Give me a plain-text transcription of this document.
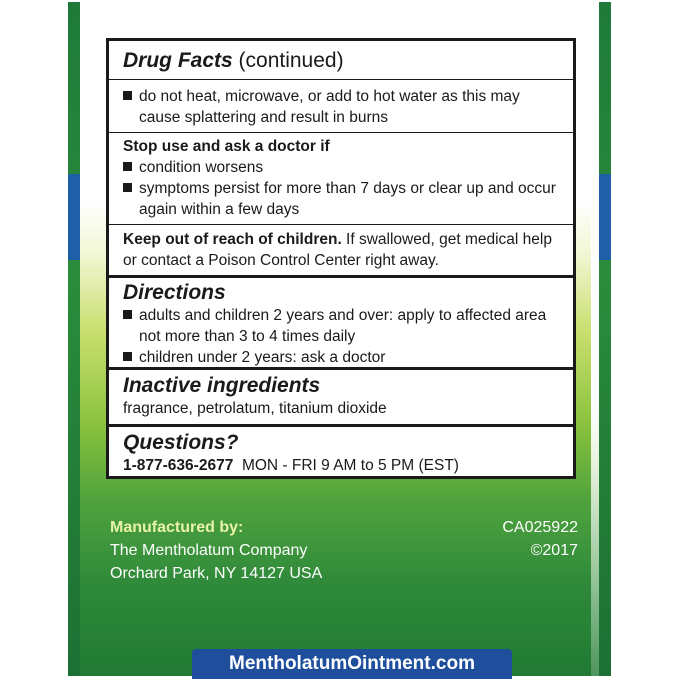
Drug Facts (continued)
do not heat, microwave, or add to hot water as this may
cause splattering and result in burns
Stop use and ask a doctor if
condition worsens
symptoms persist for more than 7 days or clear up and occur
again within a few days
Keep out of reach of children. If swallowed, get medical help
or contact a Poison Control Center right away.
Directions
adults and children 2 years and over: apply to affected area
not more than 3 to 4 times daily
children under 2 years: ask a doctor
Inactive ingredients
fragrance, petrolatum, titanium dioxide
Questions?
1-877-636-2677 MON - FRI 9 AM to 5 PM (EST)
Manufactured by:
The Mentholatum Company
Orchard Park, NY 14127 USA
CA025922
©2017
MentholatumOintment.com
